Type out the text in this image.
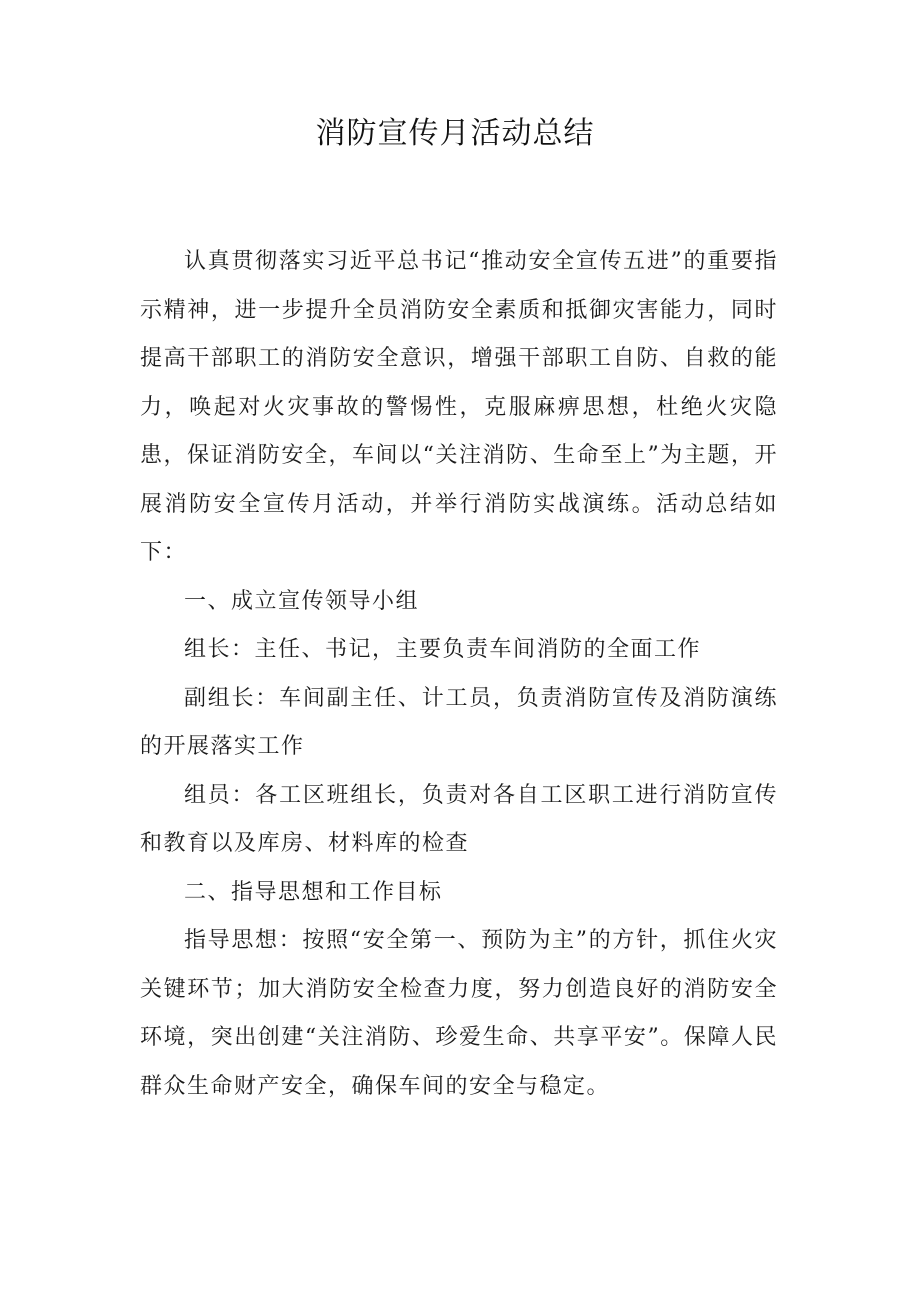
消防宣传月活动总结

认真贯彻落实习近平总书记“推动安全宣传五进”的重要指示精神，进一步提升全员消防安全素质和抵御灾害能力，同时提高干部职工的消防安全意识，增强干部职工自防、自救的能力，唤起对火灾事故的警惕性，克服麻痹思想，杜绝火灾隐患，保证消防安全，车间以“关注消防、生命至上”为主题，开展消防安全宣传月活动，并举行消防实战演练。活动总结如下：

一、成立宣传领导小组

组长：主任、书记，主要负责车间消防的全面工作

副组长：车间副主任、计工员，负责消防宣传及消防演练的开展落实工作

组员：各工区班组长，负责对各自工区职工进行消防宣传和教育以及库房、材料库的检查

二、指导思想和工作目标

指导思想：按照“安全第一、预防为主”的方针，抓住火灾关键环节；加大消防安全检查力度，努力创造良好的消防安全环境，突出创建“关注消防、珍爱生命、共享平安”。保障人民群众生命财产安全，确保车间的安全与稳定。
